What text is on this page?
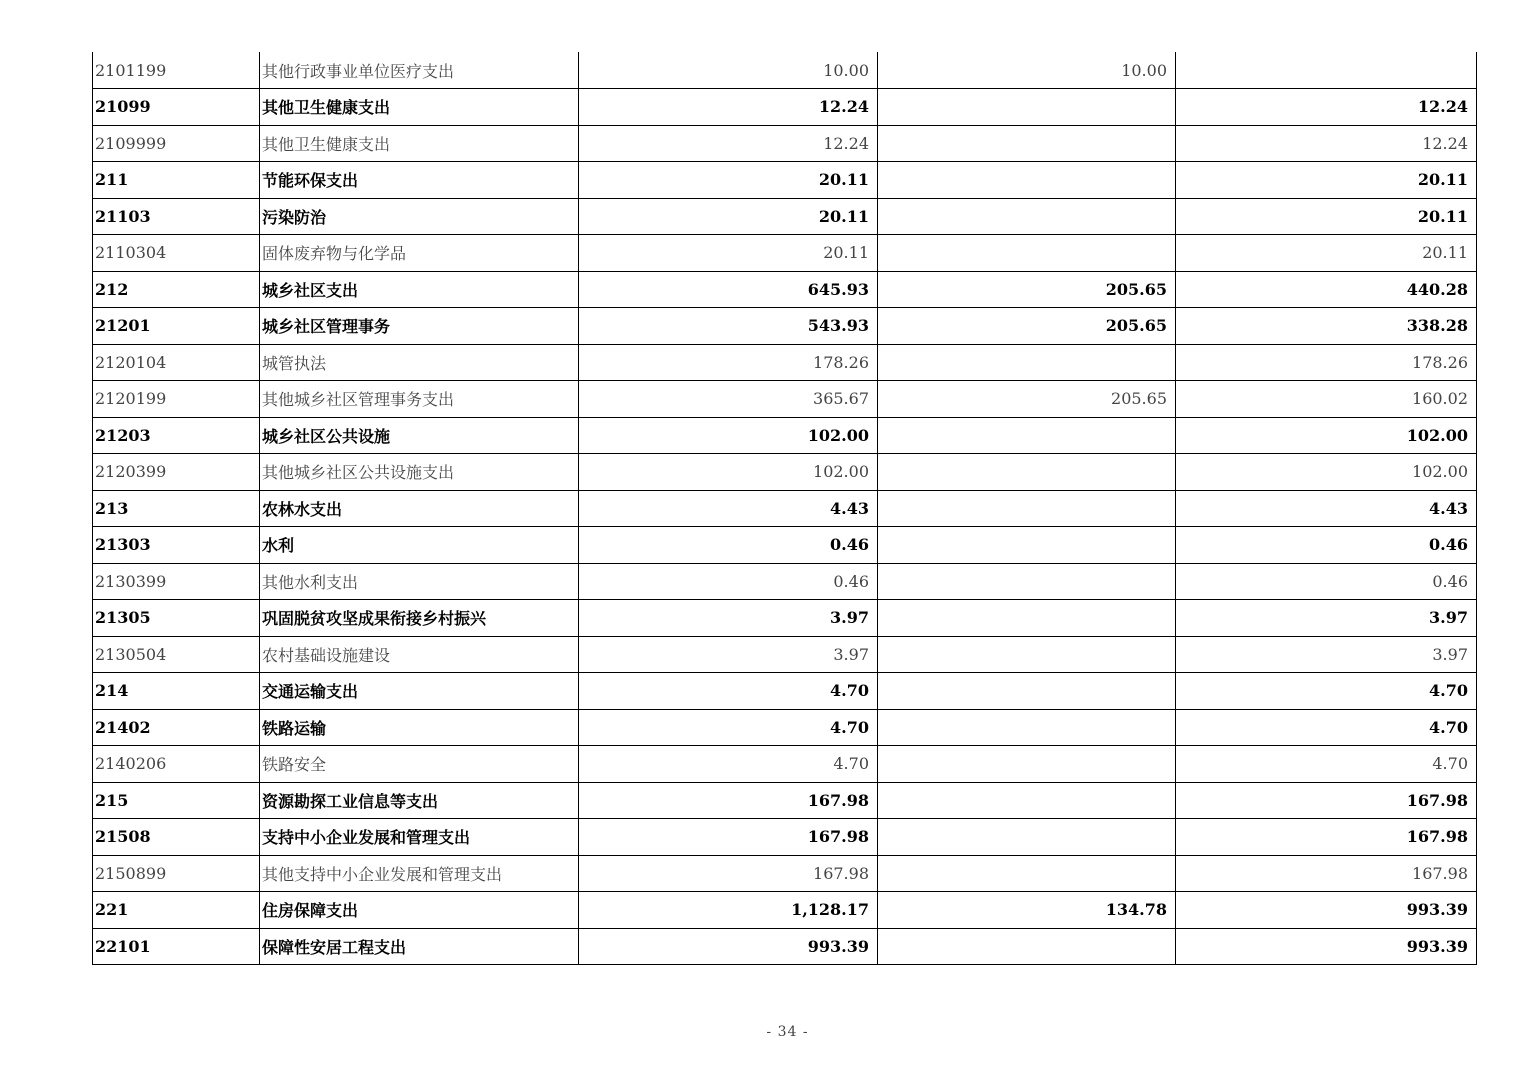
2101199	其他行政事业单位医疗支出	10.00	10.00	
21099	其他卫生健康支出	12.24		12.24
2109999	其他卫生健康支出	12.24		12.24
211	节能环保支出	20.11		20.11
21103	污染防治	20.11		20.11
2110304	固体废弃物与化学品	20.11		20.11
212	城乡社区支出	645.93	205.65	440.28
21201	城乡社区管理事务	543.93	205.65	338.28
2120104	城管执法	178.26		178.26
2120199	其他城乡社区管理事务支出	365.67	205.65	160.02
21203	城乡社区公共设施	102.00		102.00
2120399	其他城乡社区公共设施支出	102.00		102.00
213	农林水支出	4.43		4.43
21303	水利	0.46		0.46
2130399	其他水利支出	0.46		0.46
21305	巩固脱贫攻坚成果衔接乡村振兴	3.97		3.97
2130504	农村基础设施建设	3.97		3.97
214	交通运输支出	4.70		4.70
21402	铁路运输	4.70		4.70
2140206	铁路安全	4.70		4.70
215	资源勘探工业信息等支出	167.98		167.98
21508	支持中小企业发展和管理支出	167.98		167.98
2150899	其他支持中小企业发展和管理支出	167.98		167.98
221	住房保障支出	1,128.17	134.78	993.39
22101	保障性安居工程支出	993.39		993.39
- 34 -
